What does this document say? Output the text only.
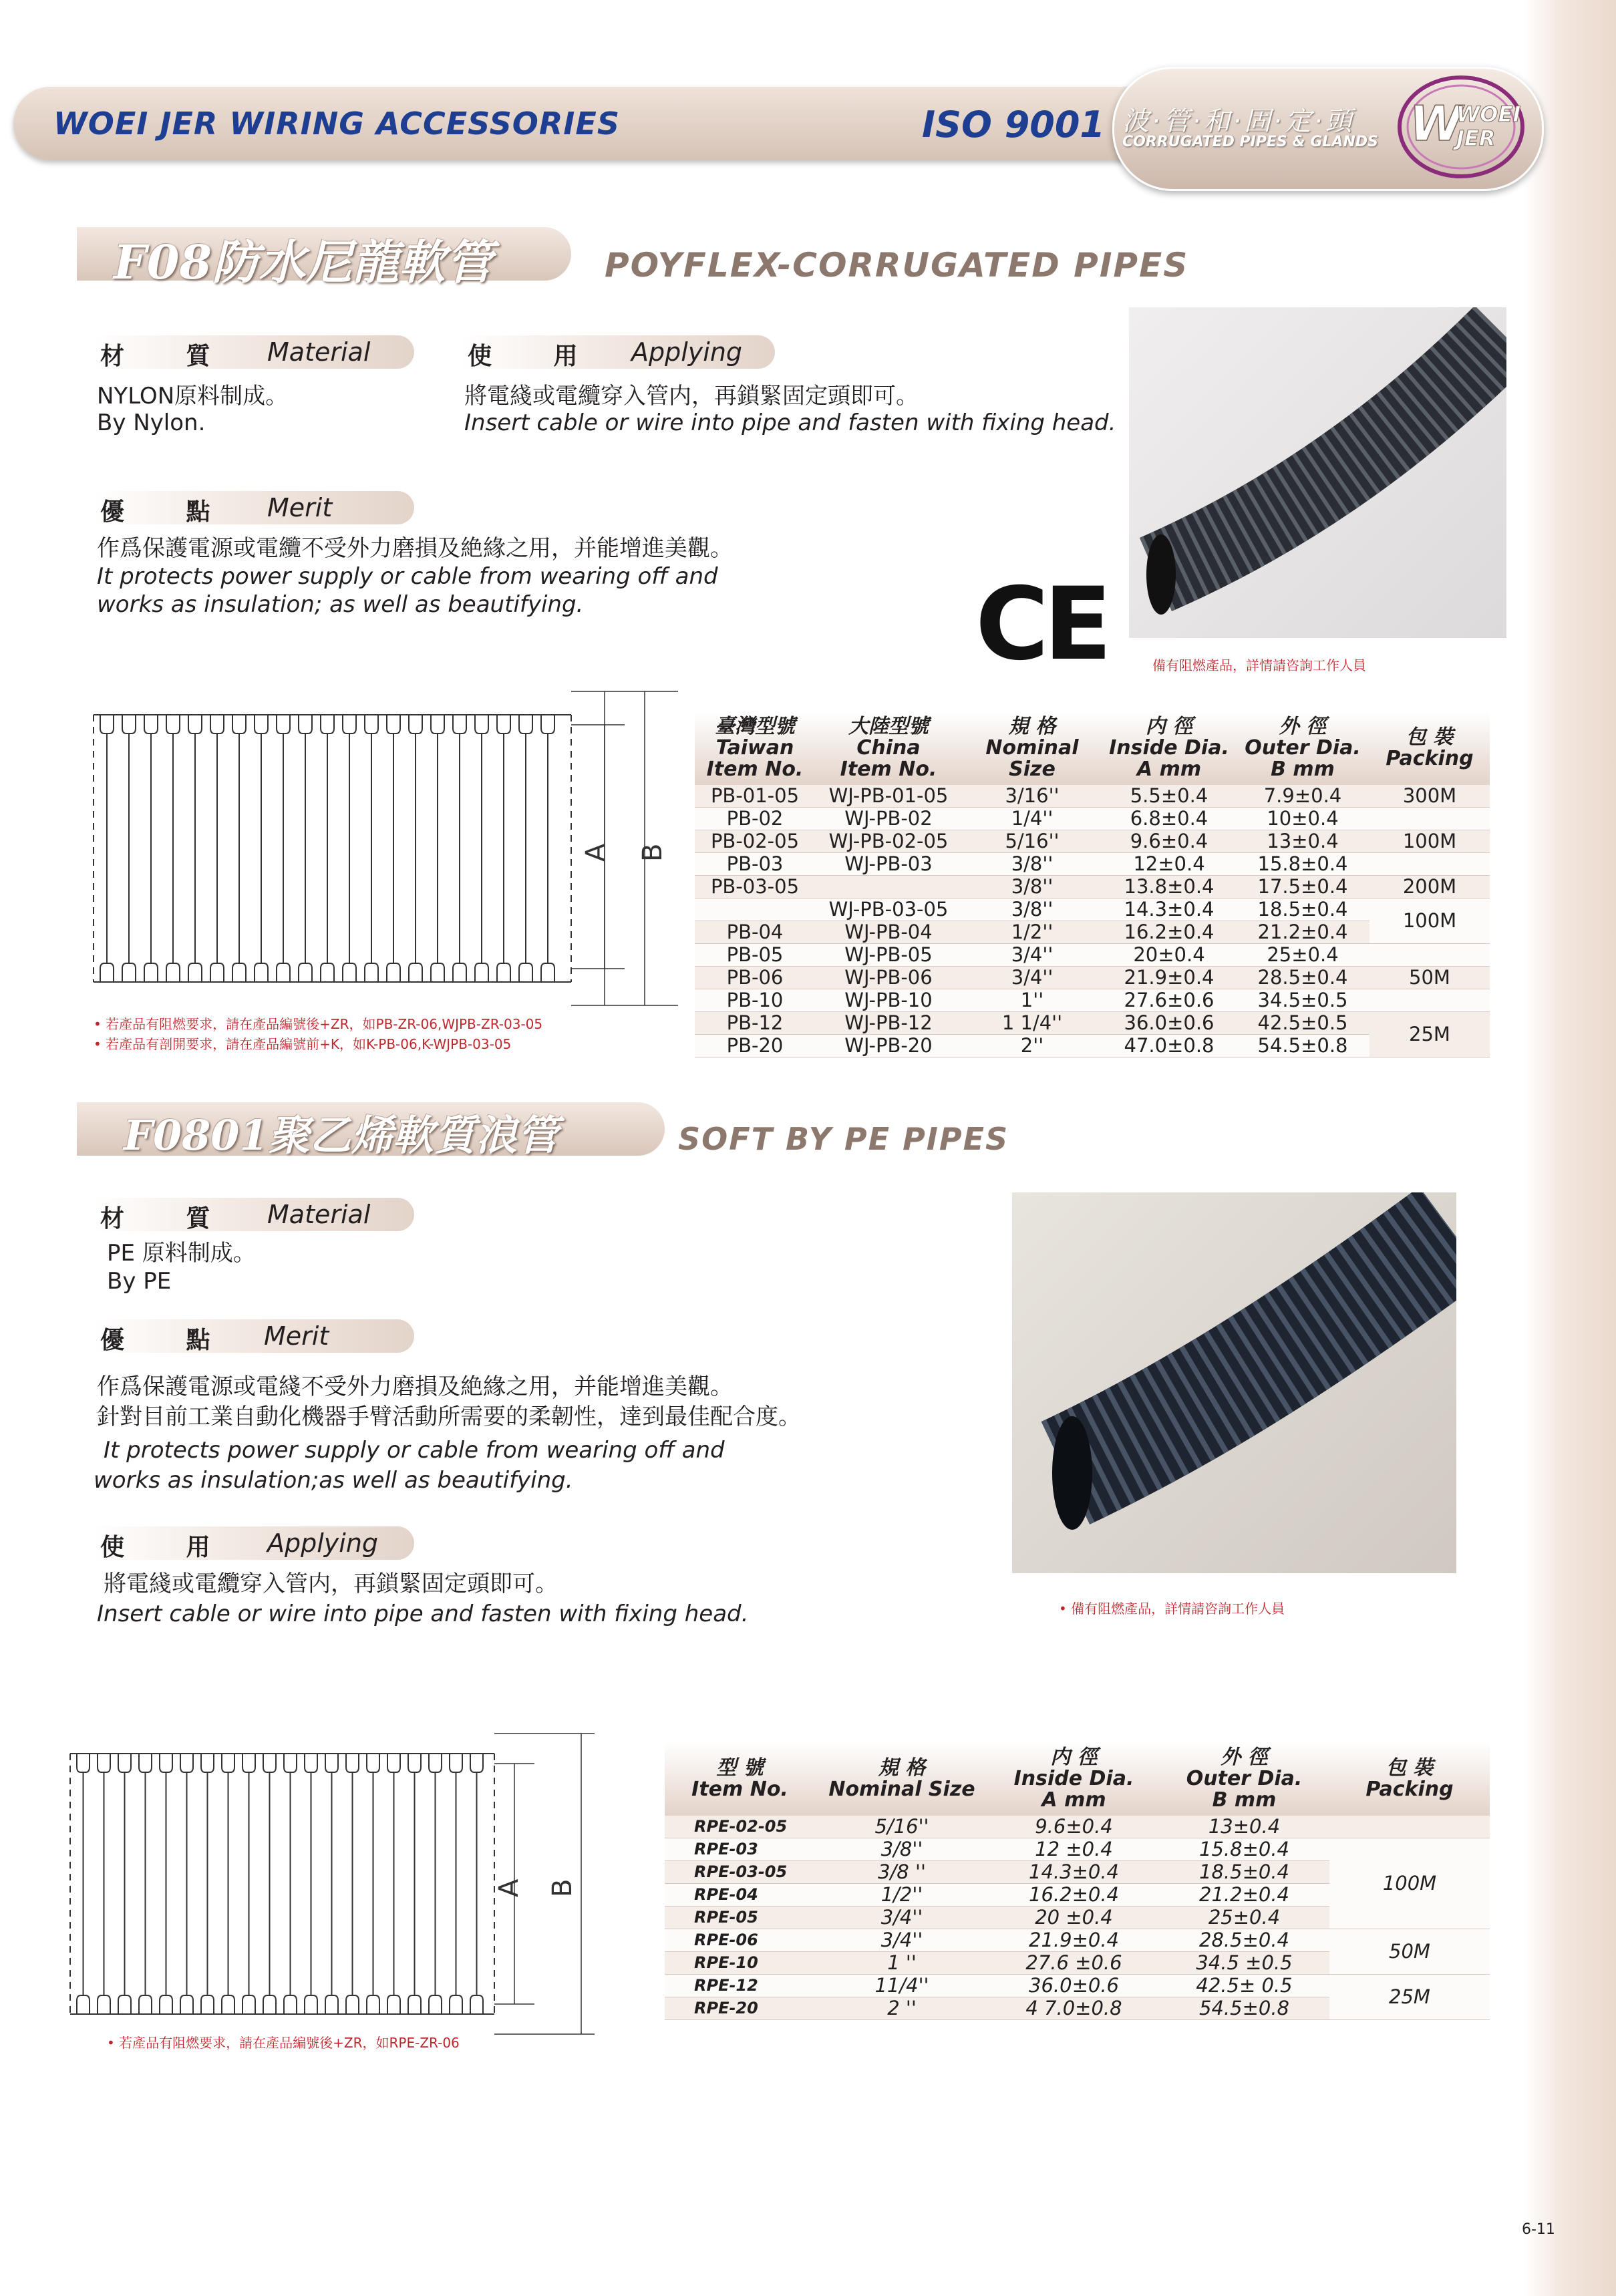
WOEI JER WIRING ACCESSORIES	ISO 9001 波·管·和·固·定·頭
CORRUGATED PIPES & GLANDS W
WOEI
JER
F08防水尼龍軟管	POYFLEX-CORRUGATED PIPES
材 質 Material
NYLON原料制成。
By Nylon.
使 用 Applying
將電綫或電纜穿入管内，再鎖緊固定頭即可。
Insert cable or wire into pipe and fasten with fixing head.
優 點 Merit
作爲保護電源或電纜不受外力磨損及絶緣之用，并能增進美觀。
It protects power supply or cable from wearing off and
works as insulation; as well as beautifying.	CE	備有阻燃產品，詳情請咨詢工作人員
A B
• 若產品有阻燃要求，請在產品編號後+ZR，如PB-ZR-06,WJPB-ZR-03-05
• 若產品有剖開要求，請在產品編號前+K，如K-PB-06,K-WJPB-03-05
臺灣型號
Taiwan
Item No.	大陸型號
China
Item No.	規 格
Nominal Size	内 徑
Inside Dia.
A mm	外 徑
Outer Dia.
B mm	包 裝
Packing
PB-01-05	WJ-PB-01-05	3/16''	5.5±0.4	7.9±0.4	300M
PB-02	WJ-PB-02	1/4''	6.8±0.4	10±0.4	
PB-02-05	WJ-PB-02-05	5/16''	9.6±0.4	13±0.4	100M
PB-03	WJ-PB-03	3/8''	12±0.4	15.8±0.4	
PB-03-05		3/8''	13.8±0.4	17.5±0.4	200M
	WJ-PB-03-05	3/8''	14.3±0.4	18.5±0.4	100M
PB-04	WJ-PB-04	1/2''	16.2±0.4	21.2±0.4	
PB-05	WJ-PB-05	3/4''	20±0.4	25±0.4	
PB-06	WJ-PB-06	3/4''	21.9±0.4	28.5±0.4	50M
PB-10	WJ-PB-10	1''	27.6±0.6	34.5±0.5	
PB-12	WJ-PB-12	1 1/4''	36.0±0.6	42.5±0.5	25M
PB-20	WJ-PB-20	2''	47.0±0.8	54.5±0.8	
F0801聚乙烯軟質浪管	SOFT BY PE PIPES
材 質 Material
PE 原料制成。
By PE
優 點 Merit
作爲保護電源或電綫不受外力磨損及絶緣之用，并能增進美觀。
針對目前工業自動化機器手臂活動所需要的柔韌性，達到最佳配合度。
It protects power supply or cable from wearing off and
works as insulation;as well as beautifying.
使 用 Applying
將電綫或電纜穿入管内，再鎖緊固定頭即可。
Insert cable or wire into pipe and fasten with fixing head.	• 備有阻燃產品，詳情請咨詢工作人員
A B
• 若產品有阻燃要求，請在產品編號後+ZR，如RPE-ZR-06
型 號
Item No.	規 格
Nominal Size	内 徑
Inside Dia.
A mm	外 徑
Outer Dia.
B mm	包 裝
Packing
RPE-02-05	5/16''	9.6±0.4	13±0.4	
RPE-03	3/8''	12 ±0.4	15.8±0.4	100M
RPE-03-05	3/8 ''	14.3±0.4	18.5±0.4	
RPE-04	1/2''	16.2±0.4	21.2±0.4	
RPE-05	3/4''	20 ±0.4	25±0.4	
RPE-06	3/4''	21.9±0.4	28.5±0.4	50M
RPE-10	1 ''	27.6 ±0.6	34.5 ±0.5	
RPE-12	11/4''	36.0±0.6	42.5± 0.5	25M
RPE-20	2 ''	4 7.0±0.8	54.5±0.8	
6-11
